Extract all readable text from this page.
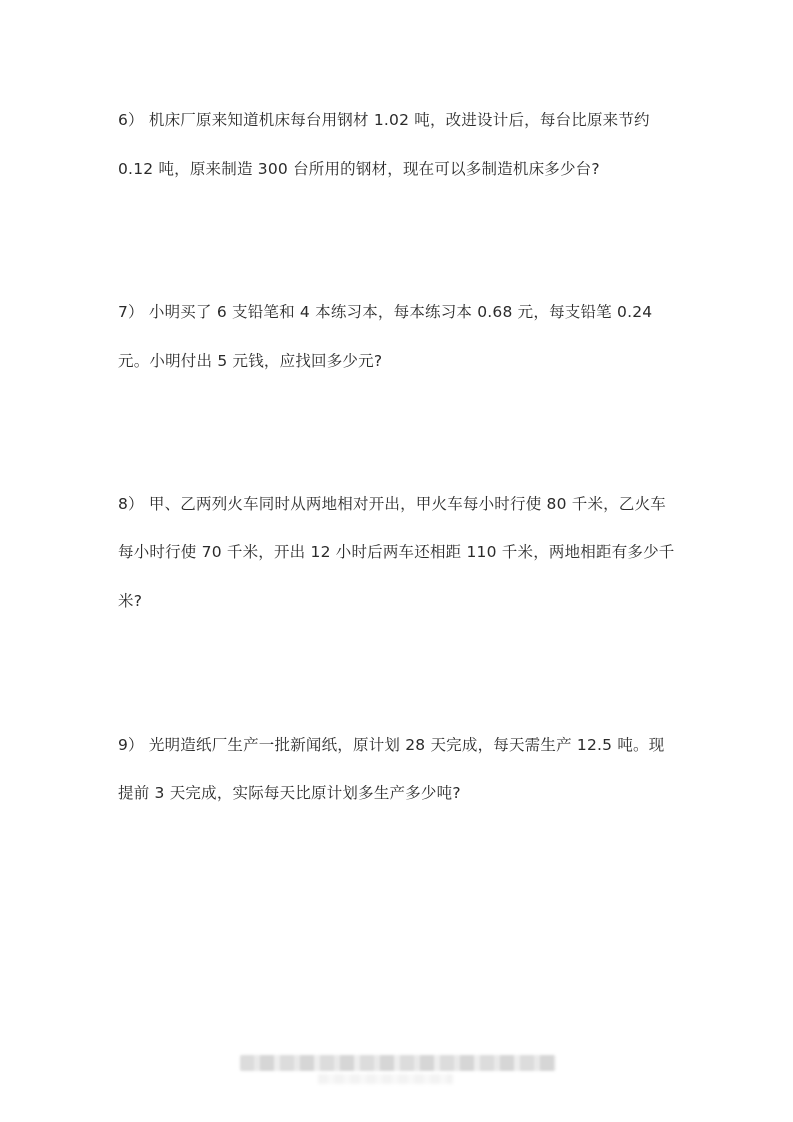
6） 机床厂原来知道机床每台用钢材 1.02 吨，改进设计后，每台比原来节约
0.12 吨，原来制造 300 台所用的钢材，现在可以多制造机床多少台?
7） 小明买了 6 支铅笔和 4 本练习本，每本练习本 0.68 元，每支铅笔 0.24
元。小明付出 5 元钱，应找回多少元?
8） 甲、乙两列火车同时从两地相对开出，甲火车每小时行使 80 千米，乙火车
每小时行使 70 千米，开出 12 小时后两车还相距 110 千米，两地相距有多少千
米?
9） 光明造纸厂生产一批新闻纸，原计划 28 天完成，每天需生产 12.5 吨。现
提前 3 天完成，实际每天比原计划多生产多少吨?
